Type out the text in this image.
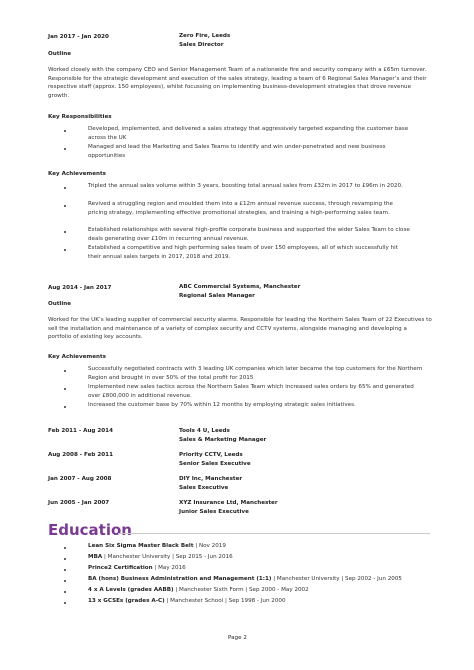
Jan 2017 - Jan 2020	Zero Fire, Leeds
Sales Director
Outline
Worked closely with the company CEO and Senior Management Team of a nationwide fire and security company with a £65m turnover. Responsible for the strategic development and execution of the sales strategy, leading a team of 6 Regional Sales Manager’s and their respective staff (approx. 150 employees), whilst focussing on implementing business-development strategies that drove revenue growth.
Key Responsibilities
Developed, implemented, and delivered a sales strategy that aggressively targeted expanding the customer base across the UK
Managed and lead the Marketing and Sales Teams to identify and win under-penetrated and new business opportunities
Key Achievements
Tripled the annual sales volume within 3 years, boosting total annual sales from £32m in 2017 to £96m in 2020.
Revived a struggling region and moulded them into a £12m annual revenue success, through revamping the pricing strategy, implementing effective promotional strategies, and training a high-performing sales team.
Established relationships with several high-profile corporate business and supported the wider Sales Team to close deals generating over £10m in recurring annual revenue.
Established a competitive and high performing sales team of over 150 employees, all of which successfully hit their annual sales targets in 2017, 2018 and 2019.
Aug 2014 - Jan 2017	ABC Commercial Systems, Manchester
Regional Sales Manager
Outline
Worked for the UK’s leading supplier of commercial security alarms. Responsible for leading the Northern Sales Team of 22 Executives to sell the installation and maintenance of a variety of complex security and CCTV systems, alongside managing and developing a portfolio of existing key accounts.
Key Achievements
Successfully negotiated contracts with 3 leading UK companies which later became the top customers for the Northern Region and brought in over 50% of the total profit for 2015
Implemented new sales tactics across the Northern Sales Team which increased sales orders by 65% and generated over £800,000 in additional revenue.
Increased the customer base by 70% within 12 months by employing strategic sales initiatives.
Feb 2011 - Aug 2014	Tools 4 U, Leeds
Sales & Marketing Manager
Aug 2008 - Feb 2011	Priority CCTV, Leeds
Senior Sales Executive
Jan 2007 - Aug 2008	DIY Inc, Manchester
Sales Executive
Jun 2005 - Jan 2007	XYZ Insurance Ltd, Manchester
Junior Sales Executive
Education
Lean Six Sigma Master Black Belt | Nov 2019
MBA | Manchester University | Sep 2015 - Jun 2016
Prince2 Certification | May 2016
BA (hons) Business Administration and Management (1:1) | Manchester University | Sep 2002 - Jun 2005
4 x A Levels (grades AABB) | Manchester Sixth Form | Sep 2000 - May 2002
13 x GCSEs (grades A-C) | Manchester School | Sep 1998 - Jun 2000
Page 2
